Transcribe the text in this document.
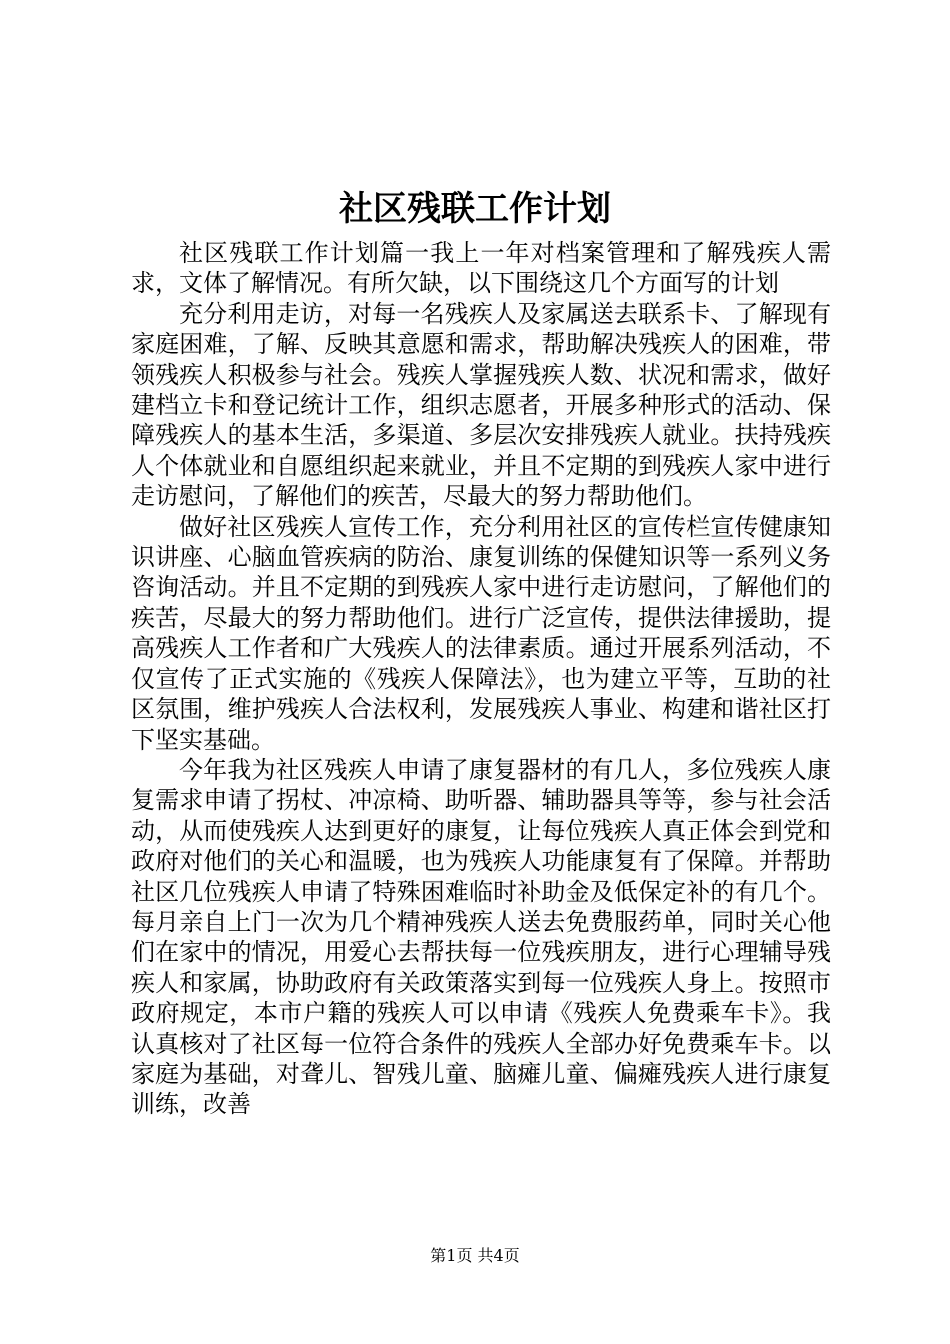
社区残联工作计划

社区残联工作计划篇一我上一年对档案管理和了解残疾人需求，文体了解情况。有所欠缺，以下围绕这几个方面写的计划

充分利用走访，对每一名残疾人及家属送去联系卡、了解现有家庭困难，了解、反映其意愿和需求，帮助解决残疾人的困难，带领残疾人积极参与社会。残疾人掌握残疾人数、状况和需求，做好建档立卡和登记统计工作，组织志愿者，开展多种形式的活动、保障残疾人的基本生活，多渠道、多层次安排残疾人就业。扶持残疾人个体就业和自愿组织起来就业，并且不定期的到残疾人家中进行走访慰问，了解他们的疾苦，尽最大的努力帮助他们。

做好社区残疾人宣传工作，充分利用社区的宣传栏宣传健康知识讲座、心脑血管疾病的防治、康复训练的保健知识等一系列义务咨询活动。并且不定期的到残疾人家中进行走访慰问，了解他们的疾苦，尽最大的努力帮助他们。进行广泛宣传，提供法律援助，提高残疾人工作者和广大残疾人的法律素质。通过开展系列活动，不仅宣传了正式实施的《残疾人保障法》，也为建立平等，互助的社区氛围，维护残疾人合法权利，发展残疾人事业、构建和谐社区打下坚实基础。

今年我为社区残疾人申请了康复器材的有几人，多位残疾人康复需求申请了拐杖、冲凉椅、助听器、辅助器具等等，参与社会活动，从而使残疾人达到更好的康复，让每位残疾人真正体会到党和政府对他们的关心和温暖，也为残疾人功能康复有了保障。并帮助社区几位残疾人申请了特殊困难临时补助金及低保定补的有几个。每月亲自上门一次为几个精神残疾人送去免费服药单，同时关心他们在家中的情况，用爱心去帮扶每一位残疾朋友，进行心理辅导残疾人和家属，协助政府有关政策落实到每一位残疾人身上。按照市政府规定，本市户籍的残疾人可以申请《残疾人免费乘车卡》。我认真核对了社区每一位符合条件的残疾人全部办好免费乘车卡。以家庭为基础，对聋儿、智残儿童、脑瘫儿童、偏瘫残疾人进行康复训练，改善

第1页 共4页
